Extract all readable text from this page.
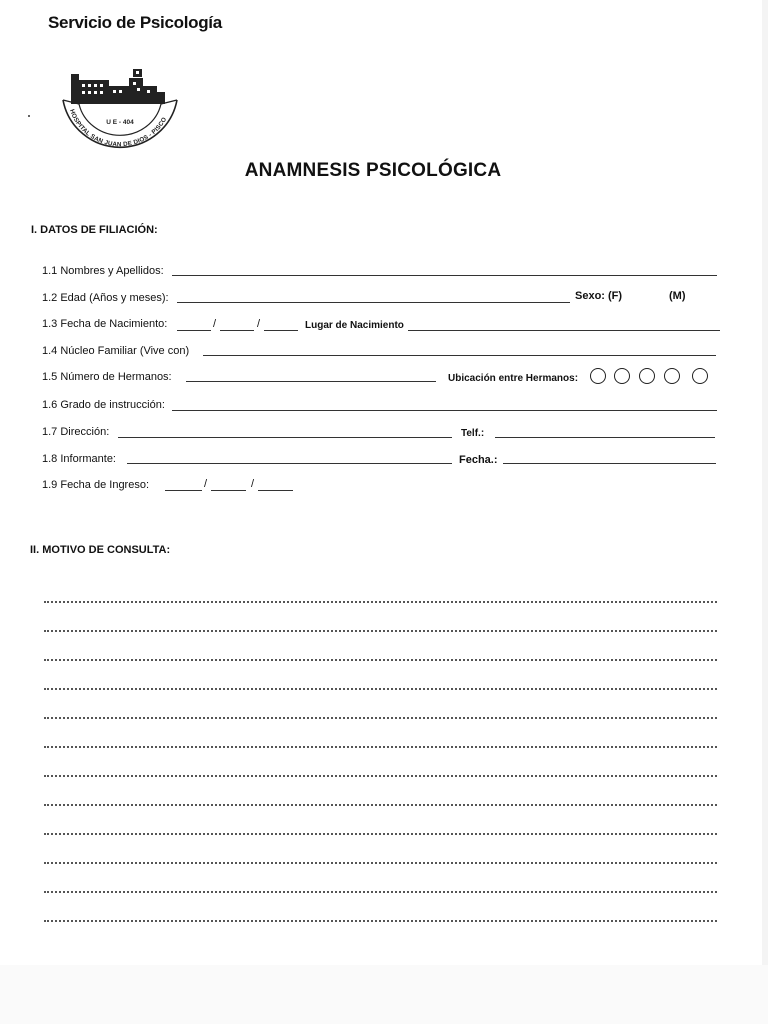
Servicio de Psicología
U E - 404
HOSPITAL SAN JUAN DE DIOS - PISCO
ANAMNESIS PSICOLÓGICA
I. DATOS DE FILIACIÓN:
1.1 Nombres y Apellidos:
1.2 Edad (Años y meses):	Sexo: (F)	(M)
1.3 Fecha de Nacimiento:	/	/	Lugar de Nacimiento
1.4 Núcleo Familiar (Vive con)
1.5 Número de Hermanos:	Ubicación entre Hermanos:
1.6 Grado de instrucción:
1.7 Dirección:	Telf.:
1.8 Informante:	Fecha.:
1.9 Fecha de Ingreso:	/	/
II. MOTIVO DE CONSULTA:
